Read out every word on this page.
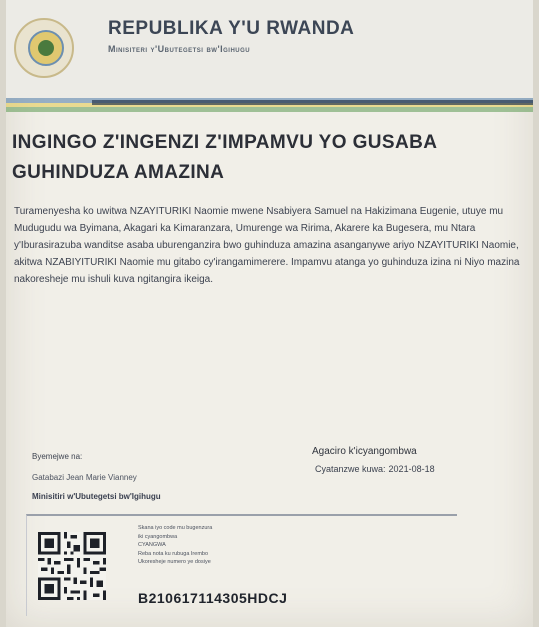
REPUBLIKA Y'U RWANDA
Minisiteri y'Ubutegetsi bw'Igihugu
INGINGO Z'INGENZI Z'IMPAMVU YO GUSABA GUHINDUZA AMAZINA
Turamenyesha ko uwitwa NZAYITURIKI Naomie mwene Nsabiyera Samuel na Hakizimana Eugenie, utuye mu Mudugudu wa Byimana, Akagari ka Kimaranzara, Umurenge wa Ririma, Akarere ka Bugesera, mu Ntara y'Iburasirazuba wanditse asaba uburenganzira bwo guhinduza amazina asanganywe ariyo NZAYITURIKI Naomie, akitwa NZABIYITURIKI Naomie mu gitabo cy'irangamimerere. Impamvu atanga yo guhinduza izina ni Niyo mazina nakoresheje mu ishuli kuva ngitangira ikeiga.
Byemejwe na:
Gatabazi Jean Marie Vianney
Minisitiri w'Ubutegetsi bw'Igihugu
Agaciro k'icyangombwa
Cyatanzwe kuwa: 2021-08-18
Skana iyo code mu bugenzura
iki cyangombwa
CYANGWA
Reba nota ku rubuga Irembo
Ukoresheje numero ye dosiye
B210617114305HDCJ
